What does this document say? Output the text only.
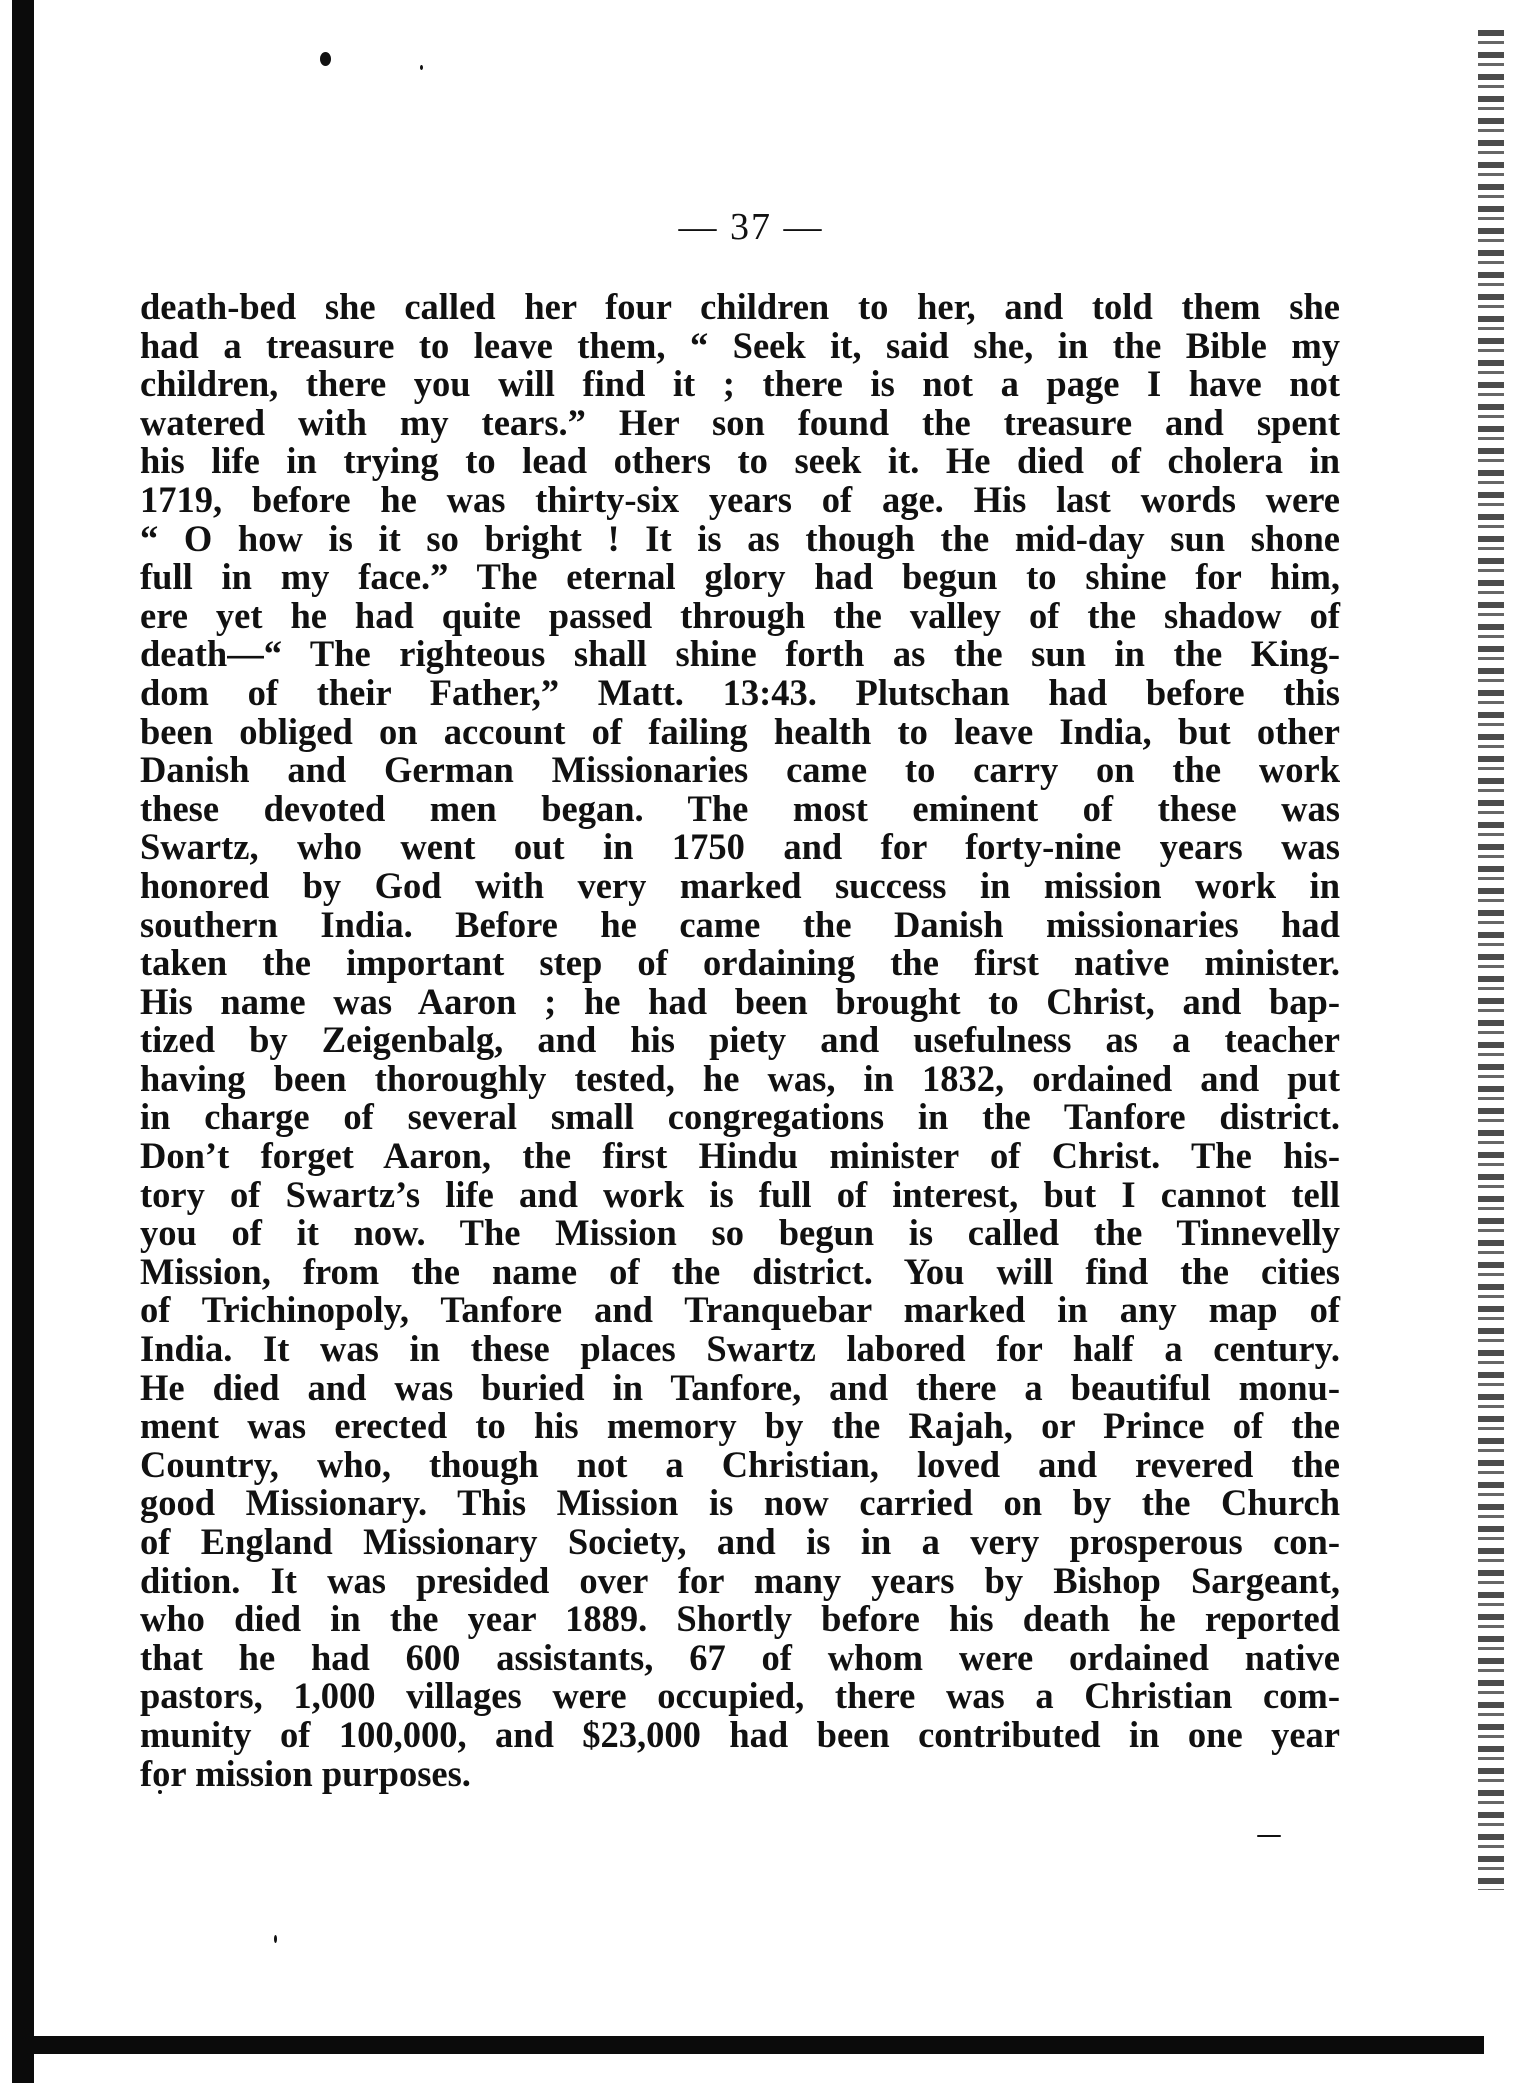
— 37 —
death-bed she called her four children to her, and told them she
had a treasure to leave them, “ Seek it, said she, in the Bible my
children, there you will find it ; there is not a page I have not
watered with my tears.” Her son found the treasure and spent
his life in trying to lead others to seek it. He died of cholera in
1719, before he was thirty-six years of age. His last words were
“ O how is it so bright ! It is as though the mid-day sun shone
full in my face.” The eternal glory had begun to shine for him,
ere yet he had quite passed through the valley of the shadow of
death—“ The righteous shall shine forth as the sun in the King-
dom of their Father,” Matt. 13:43. Plutschan had before this
been obliged on account of failing health to leave India, but other
Danish and German Missionaries came to carry on the work
these devoted men began. The most eminent of these was
Swartz, who went out in 1750 and for forty-nine years was
honored by God with very marked success in mission work in
southern India. Before he came the Danish missionaries had
taken the important step of ordaining the first native minister.
His name was Aaron ; he had been brought to Christ, and bap-
tized by Zeigenbalg, and his piety and usefulness as a teacher
having been thoroughly tested, he was, in 1832, ordained and put
in charge of several small congregations in the Tanfore district.
Don’t forget Aaron, the first Hindu minister of Christ. The his-
tory of Swartz’s life and work is full of interest, but I cannot tell
you of it now. The Mission so begun is called the Tinnevelly
Mission, from the name of the district. You will find the cities
of Trichinopoly, Tanfore and Tranquebar marked in any map of
India. It was in these places Swartz labored for half a century.
He died and was buried in Tanfore, and there a beautiful monu-
ment was erected to his memory by the Rajah, or Prince of the
Country, who, though not a Christian, loved and revered the
good Missionary. This Mission is now carried on by the Church
of England Missionary Society, and is in a very prosperous con-
dition. It was presided over for many years by Bishop Sargeant,
who died in the year 1889. Shortly before his death he reported
that he had 600 assistants, 67 of whom were ordained native
pastors, 1,000 villages were occupied, there was a Christian com-
munity of 100,000, and $23,000 had been contributed in one year
for mission purposes.
